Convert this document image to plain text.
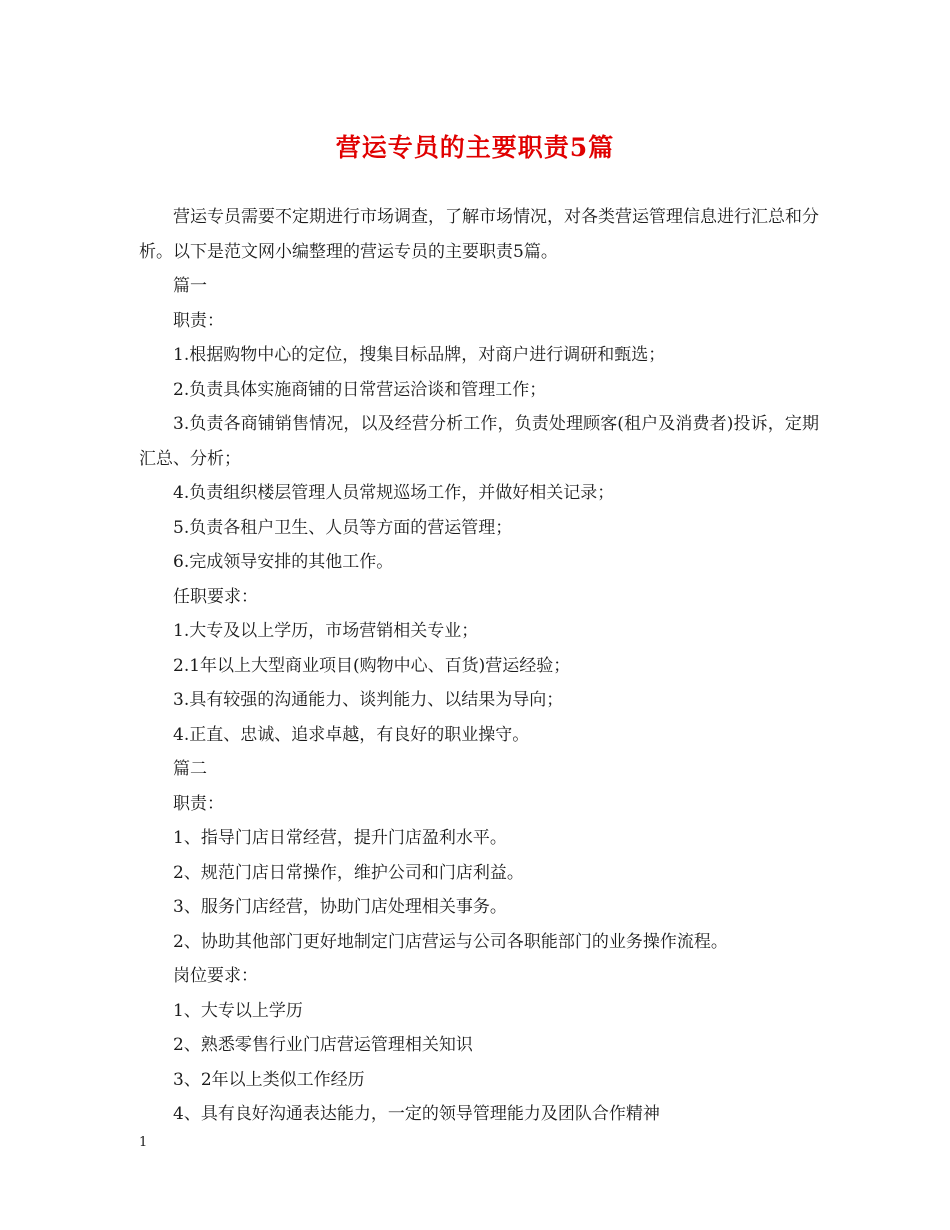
营运专员的主要职责5篇

营运专员需要不定期进行市场调查，了解市场情况，对各类营运管理信息进行汇总和分析。以下是范文网小编整理的营运专员的主要职责5篇。

篇一

职责：

1.根据购物中心的定位，搜集目标品牌，对商户进行调研和甄选；

2.负责具体实施商铺的日常营运洽谈和管理工作；

3.负责各商铺销售情况，以及经营分析工作，负责处理顾客(租户及消费者)投诉，定期汇总、分析；

4.负责组织楼层管理人员常规巡场工作，并做好相关记录；

5.负责各租户卫生、人员等方面的营运管理；

6.完成领导安排的其他工作。

任职要求：

1.大专及以上学历，市场营销相关专业；

2.1年以上大型商业项目(购物中心、百货)营运经验；

3.具有较强的沟通能力、谈判能力、以结果为导向；

4.正直、忠诚、追求卓越，有良好的职业操守。

篇二

职责：

1、指导门店日常经营，提升门店盈利水平。

2、规范门店日常操作，维护公司和门店利益。

3、服务门店经营，协助门店处理相关事务。

2、协助其他部门更好地制定门店营运与公司各职能部门的业务操作流程。

岗位要求：

1、大专以上学历

2、熟悉零售行业门店营运管理相关知识

3、2年以上类似工作经历

4、具有良好沟通表达能力，一定的领导管理能力及团队合作精神

1
